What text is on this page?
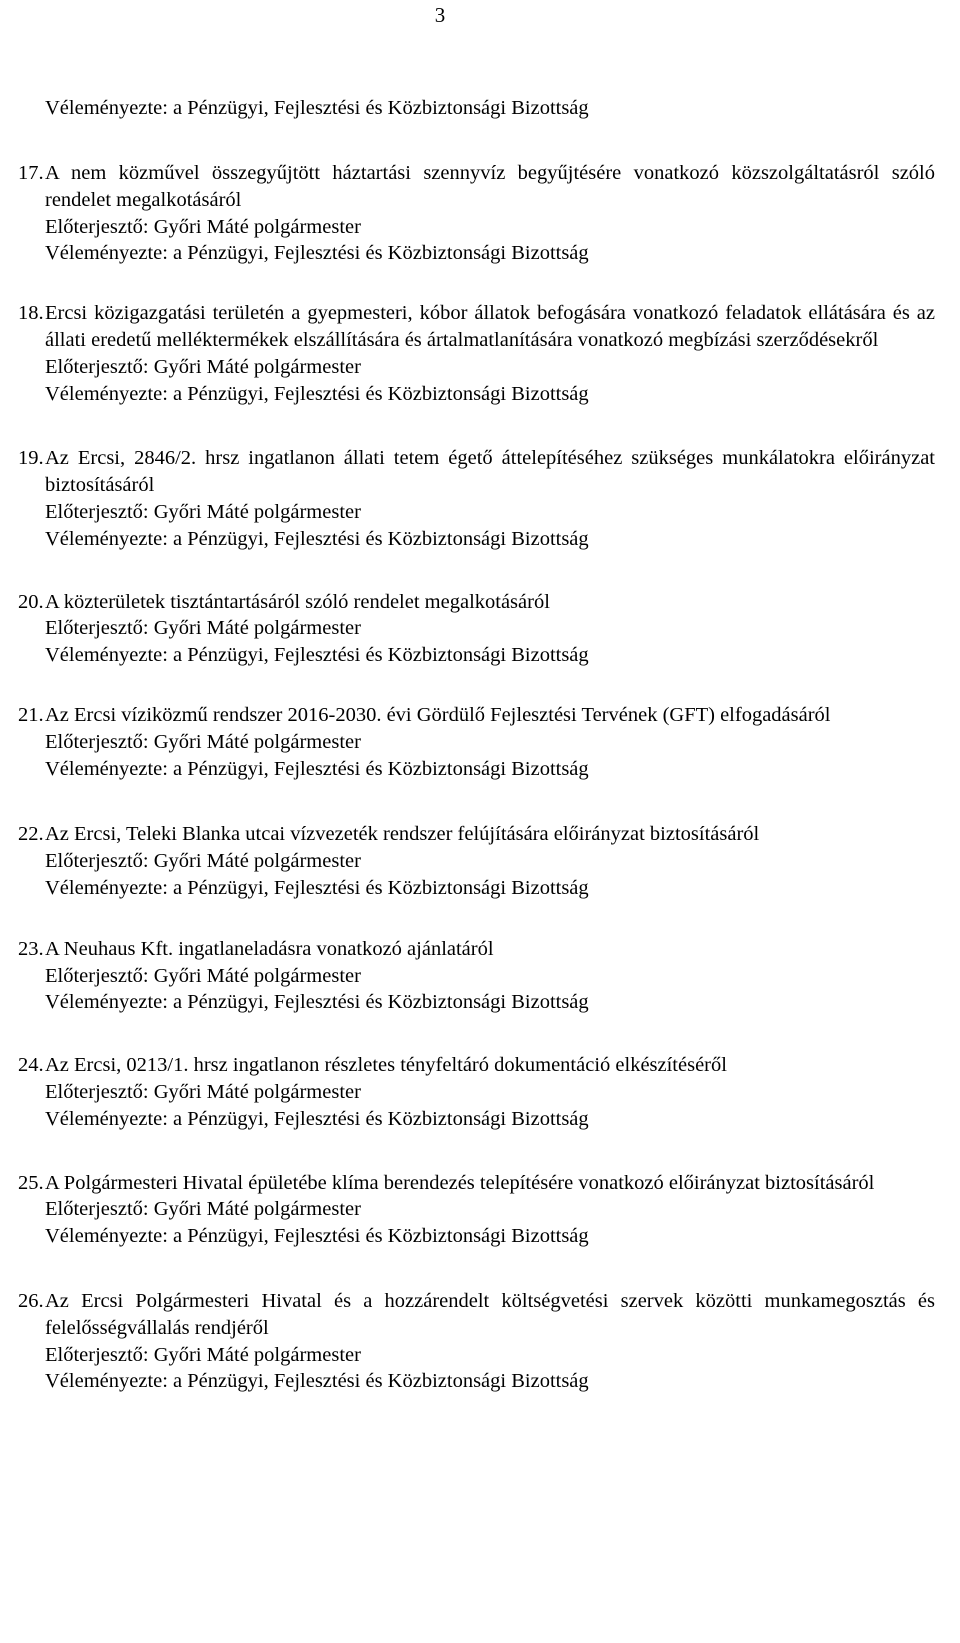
3
Véleményezte: a Pénzügyi, Fejlesztési és Közbiztonsági Bizottság
17. A nem közművel összegyűjtött háztartási szennyvíz begyűjtésére vonatkozó közszolgáltatásról szóló rendelet megalkotásáról
Előterjesztő: Győri Máté polgármester
Véleményezte: a Pénzügyi, Fejlesztési és Közbiztonsági Bizottság
18. Ercsi közigazgatási területén a gyepmesteri, kóbor állatok befogására vonatkozó feladatok ellátására és az állati eredetű melléktermékek elszállítására és ártalmatlanítására vonatkozó megbízási szerződésekről
Előterjesztő: Győri Máté polgármester
Véleményezte: a Pénzügyi, Fejlesztési és Közbiztonsági Bizottság
19. Az Ercsi, 2846/2. hrsz ingatlanon állati tetem égető áttelepítéséhez szükséges munkálatokra előirányzat biztosításáról
Előterjesztő: Győri Máté polgármester
Véleményezte: a Pénzügyi, Fejlesztési és Közbiztonsági Bizottság
20. A közterületek tisztántartásáról szóló rendelet megalkotásáról
Előterjesztő: Győri Máté polgármester
Véleményezte: a Pénzügyi, Fejlesztési és Közbiztonsági Bizottság
21. Az Ercsi víziközmű rendszer 2016-2030. évi Gördülő Fejlesztési Tervének (GFT) elfogadásáról
Előterjesztő: Győri Máté polgármester
Véleményezte: a Pénzügyi, Fejlesztési és Közbiztonsági Bizottság
22. Az Ercsi, Teleki Blanka utcai vízvezeték rendszer felújítására előirányzat biztosításáról
Előterjesztő: Győri Máté polgármester
Véleményezte: a Pénzügyi, Fejlesztési és Közbiztonsági Bizottság
23. A Neuhaus Kft. ingatlaneladásra vonatkozó ajánlatáról
Előterjesztő: Győri Máté polgármester
Véleményezte: a Pénzügyi, Fejlesztési és Közbiztonsági Bizottság
24. Az Ercsi, 0213/1. hrsz ingatlanon részletes tényfeltáró dokumentáció elkészítéséről
Előterjesztő: Győri Máté polgármester
Véleményezte: a Pénzügyi, Fejlesztési és Közbiztonsági Bizottság
25. A Polgármesteri Hivatal épületébe klíma berendezés telepítésére vonatkozó előirányzat biztosításáról
Előterjesztő: Győri Máté polgármester
Véleményezte: a Pénzügyi, Fejlesztési és Közbiztonsági Bizottság
26. Az Ercsi Polgármesteri Hivatal és a hozzárendelt költségvetési szervek közötti munkamegosztás és felelősségvállalás rendjéről
Előterjesztő: Győri Máté polgármester
Véleményezte: a Pénzügyi, Fejlesztési és Közbiztonsági Bizottság
